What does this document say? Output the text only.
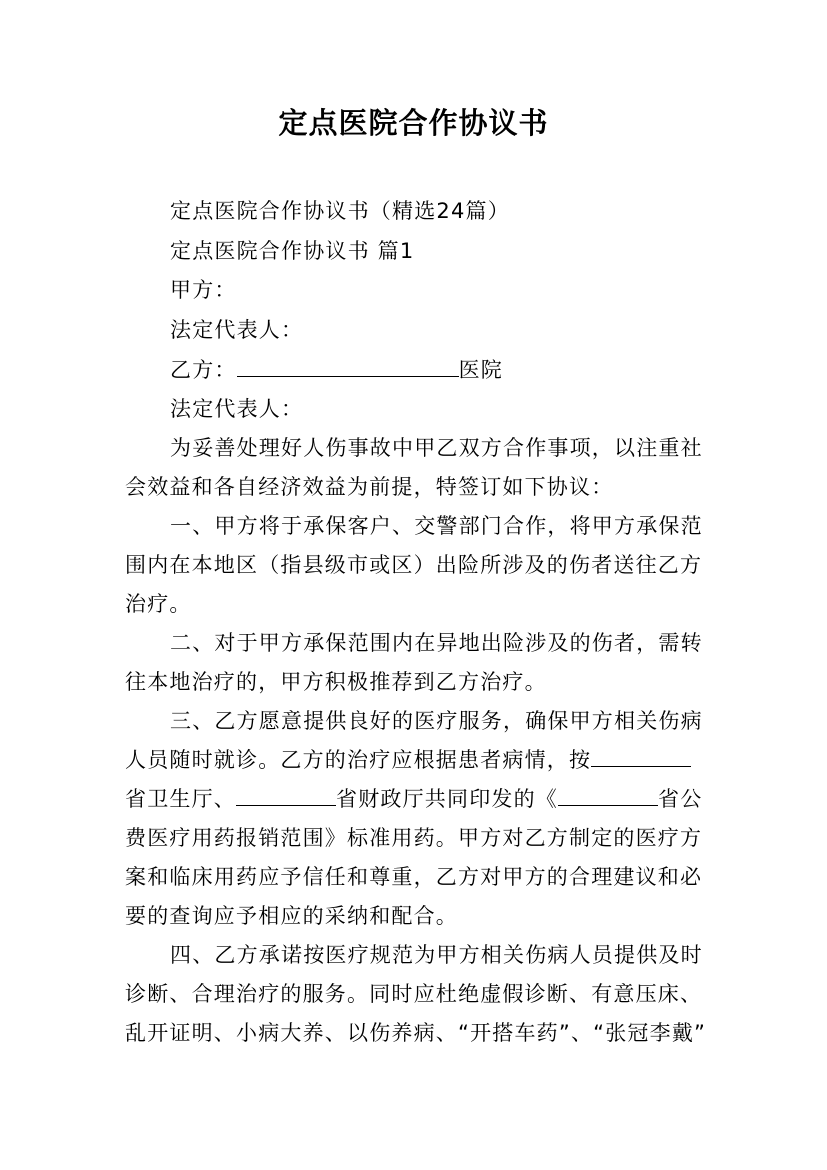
定点医院合作协议书
定点医院合作协议书（精选24篇）
定点医院合作协议书 篇1
甲方：
法定代表人：
乙方：	医院
法定代表人：
为妥善处理好人伤事故中甲乙双方合作事项，以注重社
会效益和各自经济效益为前提，特签订如下协议：
一、甲方将于承保客户、交警部门合作，将甲方承保范
围内在本地区（指县级市或区）出险所涉及的伤者送往乙方
治疗。
二、对于甲方承保范围内在异地出险涉及的伤者，需转
往本地治疗的，甲方积极推荐到乙方治疗。
三、乙方愿意提供良好的医疗服务，确保甲方相关伤病
人员随时就诊。乙方的治疗应根据患者病情，按
省卫生厅、	省财政厅共同印发的《	省公
费医疗用药报销范围》标准用药。甲方对乙方制定的医疗方
案和临床用药应予信任和尊重，乙方对甲方的合理建议和必
要的查询应予相应的采纳和配合。
四、乙方承诺按医疗规范为甲方相关伤病人员提供及时
诊断、合理治疗的服务。同时应杜绝虚假诊断、有意压床、
乱开证明、小病大养、以伤养病、“开搭车药”、“张冠李戴”
